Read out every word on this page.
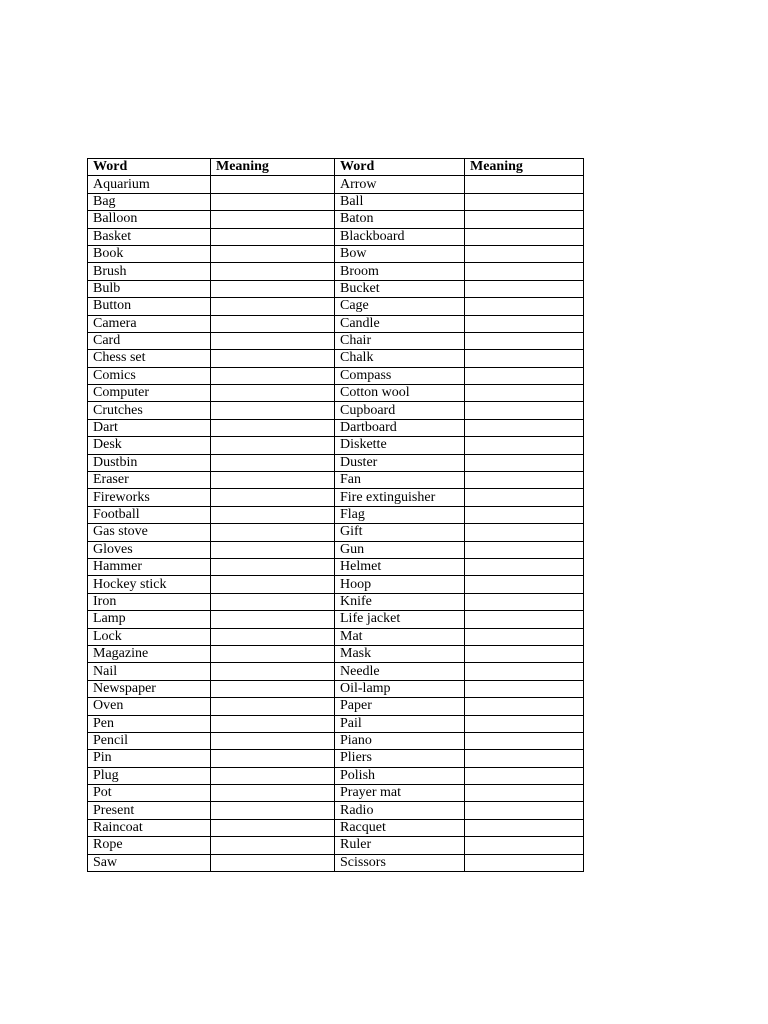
Word	Meaning	Word	Meaning
Aquarium		Arrow	
Bag		Ball	
Balloon		Baton	
Basket		Blackboard	
Book		Bow	
Brush		Broom	
Bulb		Bucket	
Button		Cage	
Camera		Candle	
Card		Chair	
Chess set		Chalk	
Comics		Compass	
Computer		Cotton wool	
Crutches		Cupboard	
Dart		Dartboard	
Desk		Diskette	
Dustbin		Duster	
Eraser		Fan	
Fireworks		Fire extinguisher	
Football		Flag	
Gas stove		Gift	
Gloves		Gun	
Hammer		Helmet	
Hockey stick		Hoop	
Iron		Knife	
Lamp		Life jacket	
Lock		Mat	
Magazine		Mask	
Nail		Needle	
Newspaper		Oil-lamp	
Oven		Paper	
Pen		Pail	
Pencil		Piano	
Pin		Pliers	
Plug		Polish	
Pot		Prayer mat	
Present		Radio	
Raincoat		Racquet	
Rope		Ruler	
Saw		Scissors	
